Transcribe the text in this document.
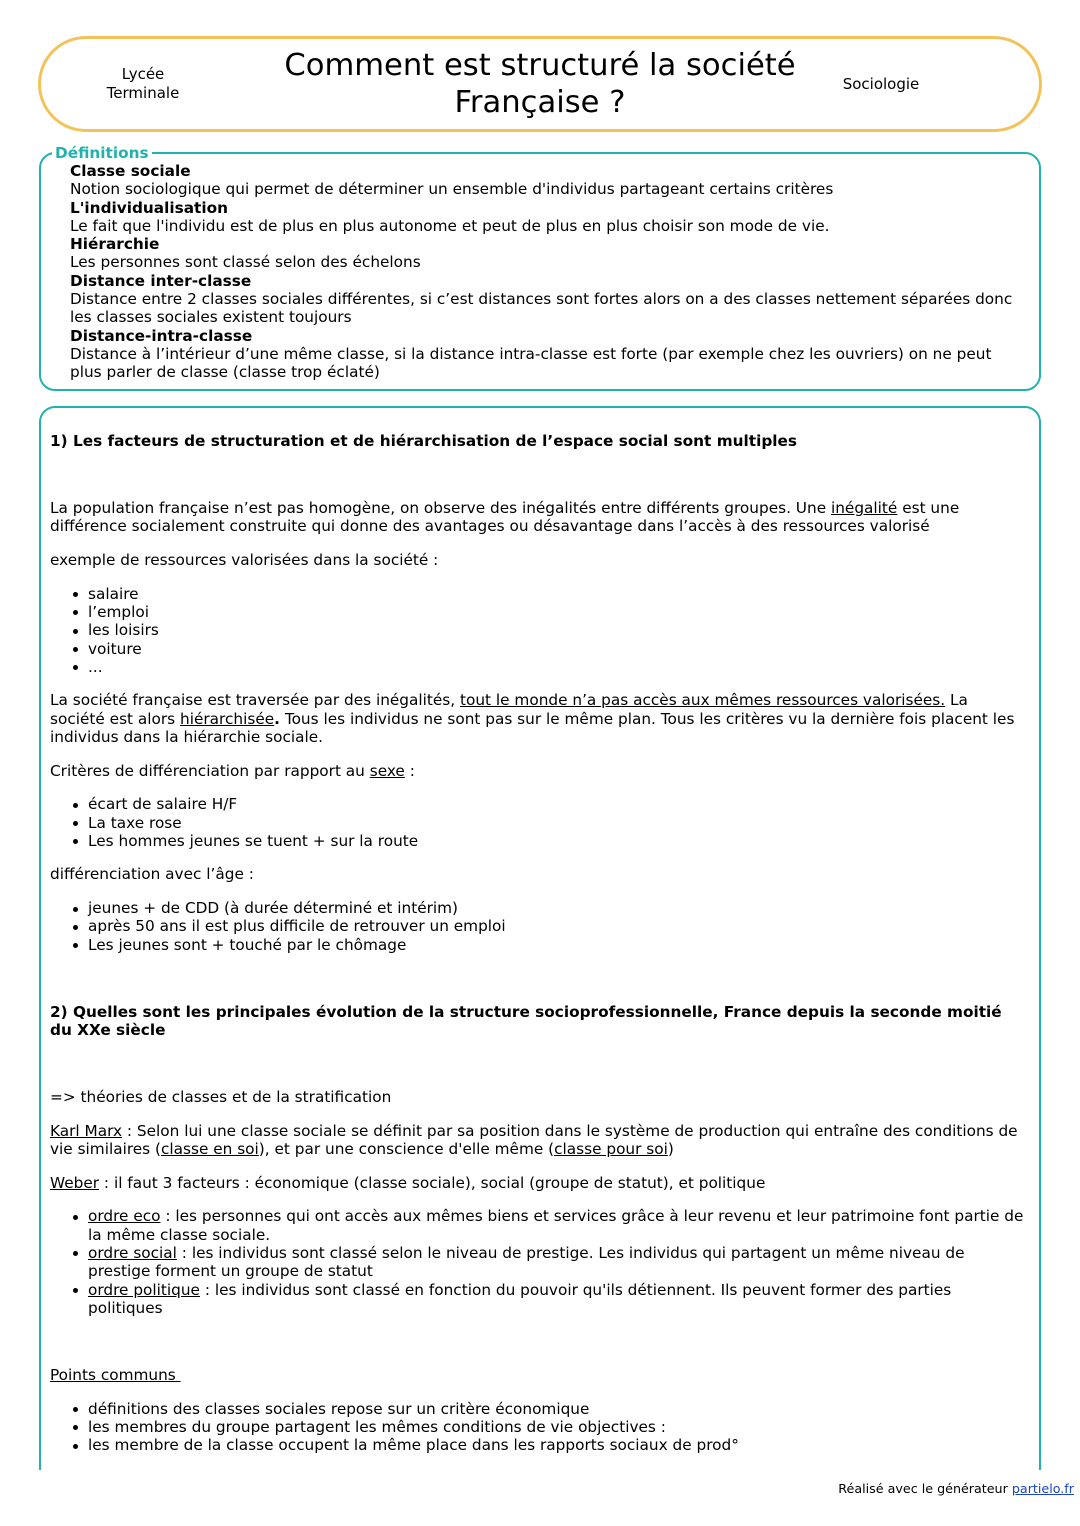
Lycée
Terminale
Comment est structuré la société
Française ?
Sociologie
Définitions
Classe sociale
Notion sociologique qui permet de déterminer un ensemble d'individus partageant certains critères
L'individualisation
Le fait que l'individu est de plus en plus autonome et peut de plus en plus choisir son mode de vie.
Hiérarchie
Les personnes sont classé selon des échelons
Distance inter-classe
Distance entre 2 classes sociales différentes, si c’est distances sont fortes alors on a des classes nettement séparées donc
les classes sociales existent toujours
Distance-intra-classe
Distance à l’intérieur d’une même classe, si la distance intra-classe est forte (par exemple chez les ouvriers) on ne peut
plus parler de classe (classe trop éclaté)
1) Les facteurs de structuration et de hiérarchisation de l’espace social sont multiples
La population française n’est pas homogène, on observe des inégalités entre différents groupes. Une inégalité est une
différence socialement construite qui donne des avantages ou désavantage dans l’accès à des ressources valorisé
exemple de ressources valorisées dans la société :
salaire
l’emploi
les loisirs
voiture
...
La société française est traversée par des inégalités, tout le monde n’a pas accès aux mêmes ressources valorisées. La
société est alors hiérarchisée. Tous les individus ne sont pas sur le même plan. Tous les critères vu la dernière fois placent les
individus dans la hiérarchie sociale.
Critères de différenciation par rapport au sexe :
écart de salaire H/F
La taxe rose
Les hommes jeunes se tuent + sur la route
différenciation avec l’âge :
jeunes + de CDD (à durée déterminé et intérim)
après 50 ans il est plus difficile de retrouver un emploi
Les jeunes sont + touché par le chômage
2) Quelles sont les principales évolution de la structure socioprofessionnelle, France depuis la seconde moitié
du XXe siècle
=> théories de classes et de la stratification
Karl Marx : Selon lui une classe sociale se définit par sa position dans le système de production qui entraîne des conditions de
vie similaires (classe en soi), et par une conscience d'elle même (classe pour soi)
Weber : il faut 3 facteurs : économique (classe sociale), social (groupe de statut), et politique
ordre eco : les personnes qui ont accès aux mêmes biens et services grâce à leur revenu et leur patrimoine font partie de
la même classe sociale.
ordre social : les individus sont classé selon le niveau de prestige. Les individus qui partagent un même niveau de
prestige forment un groupe de statut
ordre politique : les individus sont classé en fonction du pouvoir qu'ils détiennent. Ils peuvent former des parties
politiques
Points communs
définitions des classes sociales repose sur un critère économique
les membres du groupe partagent les mêmes conditions de vie objectives :
les membre de la classe occupent la même place dans les rapports sociaux de prod°
Réalisé avec le générateur partielo.fr
